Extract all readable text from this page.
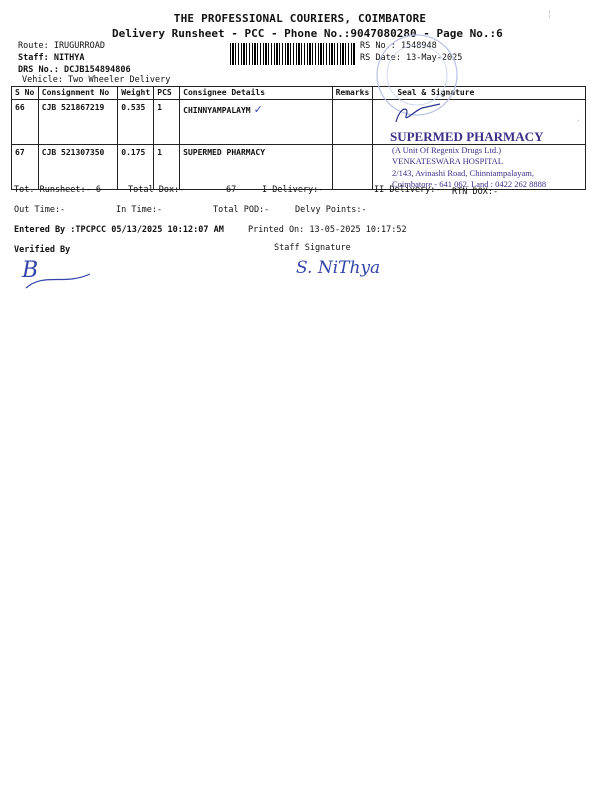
THE PROFESSIONAL COURIERS, COIMBATORE
Delivery Runsheet - PCC - Phone No.:9047080280 - Page No.:6
Route: IRUGURROAD
Staff: NITHYA
DRS No.: DCJB154894806
Vehicle: Two Wheeler Delivery
RS No.: 1548948
RS Date: 13-May-2025
S No	Consignment No	Weight	PCS	Consignee Details	Remarks	Seal & Signature
66	CJB 521867219	0.535	1	CHINNYAMPALAYM ✓		
67	CJB 521307350	0.175	1	SUPERMED PHARMACY		
SUPERMED PHARMACY
(A Unit Of Regenix Drugs Ltd.)
VENKATESWARA HOSPITAL
2/143, Avinashi Road, Chinniampalayam,
Coimbatore - 641 062. Land : 0422 262 8888
Tot. Runsheet:- 6	Total Dox:-	67	I Delivery:-	II Delivery:- RTN DOX:-
Out Time:-	In Time:-	Total POD:-	Delvy Points:-
Entered By :TPCPCC 05/13/2025 10:12:07 AM	Printed On: 13-05-2025 10:17:52
Verified By	Staff Signature
B	S. NiThya
╎
·
